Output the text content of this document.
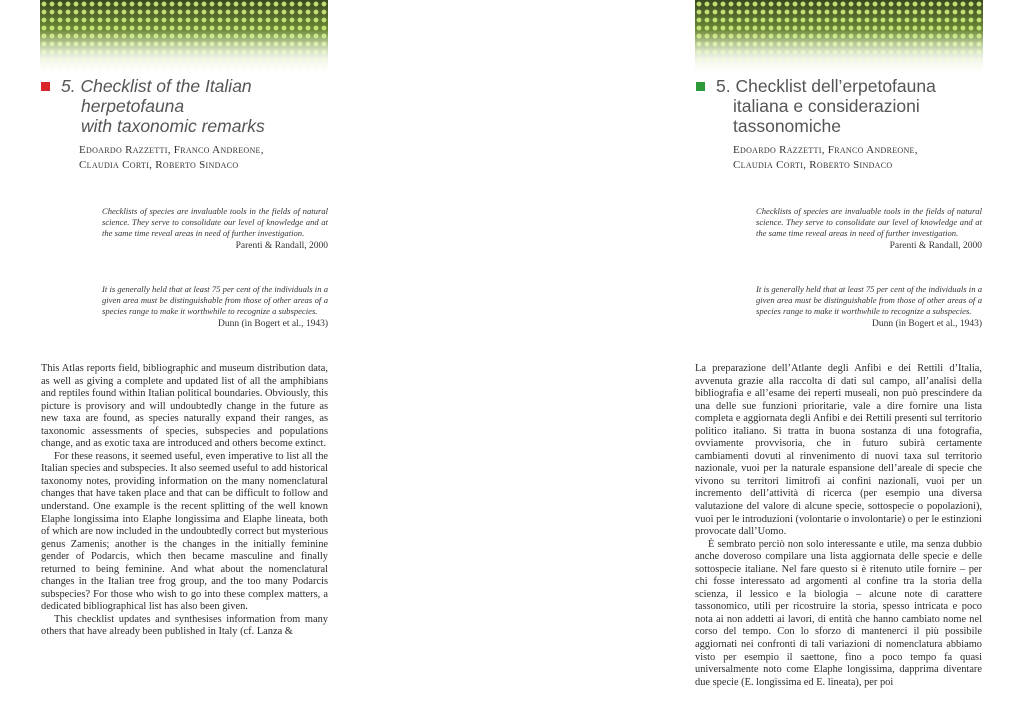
5. Checklist of the Italian
herpetofauna
with taxonomic remarks
Edoardo Razzetti, Franco Andreone,
Claudia Corti, Roberto Sindaco
Checklists of species are invaluable tools in the fields of natural science. They serve to consolidate our level of knowledge and at the same time reveal areas in need of further investigation.
Parenti & Randall, 2000
It is generally held that at least 75 per cent of the individuals in a given area must be distinguishable from those of other areas of a species range to make it worthwhile to recognize a subspecies.
Dunn (in Bogert et al., 1943)

This Atlas reports field, bibliographic and museum distribution data, as well as giving a complete and updated list of all the amphibians and reptiles found within Italian political boundaries. Obviously, this picture is provisory and will undoubtedly change in the future as new taxa are found, as species naturally expand their ranges, as taxonomic assessments of species, subspecies and populations change, and as exotic taxa are introduced and others become extinct.

For these reasons, it seemed useful, even imperative to list all the Italian species and subspecies. It also seemed useful to add historical taxonomy notes, providing information on the many nomenclatural changes that have taken place and that can be difficult to follow and understand. One example is the recent splitting of the well known Elaphe longissima into Elaphe longissima and Elaphe lineata, both of which are now included in the undoubtedly correct but mysterious genus Zamenis; another is the changes in the initially feminine gender of Podarcis, which then became masculine and finally returned to being feminine. And what about the nomenclatural changes in the Italian tree frog group, and the too many Podarcis subspecies? For those who wish to go into these complex matters, a dedicated bibliographical list has also been given.

This checklist updates and synthesises information from many others that have already been published in Italy (cf. Lanza &

5. Checklist dell’erpetofauna
italiana e considerazioni
tassonomiche
Edoardo Razzetti, Franco Andreone,
Claudia Corti, Roberto Sindaco
Checklists of species are invaluable tools in the fields of natural science. They serve to consolidate our level of knowledge and at the same time reveal areas in need of further investigation.
Parenti & Randall, 2000
It is generally held that at least 75 per cent of the individuals in a given area must be distinguishable from those of other areas of a species range to make it worthwhile to recognize a subspecies.
Dunn (in Bogert et al., 1943)

La preparazione dell’Atlante degli Anfibi e dei Rettili d’Italia, avvenuta grazie alla raccolta di dati sul campo, all’analisi della bibliografia e all’esame dei reperti museali, non può prescindere da una delle sue funzioni prioritarie, vale a dire fornire una lista completa e aggiornata degli Anfibi e dei Rettili presenti sul territorio politico italiano. Si tratta in buona sostanza di una fotografia, ovviamente provvisoria, che in futuro subirà certamente cambiamenti dovuti al rinvenimento di nuovi taxa sul territorio nazionale, vuoi per la naturale espansione dell’areale di specie che vivono su territori limitrofi ai confini nazionali, vuoi per un incremento dell’attività di ricerca (per esempio una diversa valutazione del valore di alcune specie, sottospecie o popolazioni), vuoi per le introduzioni (volontarie o involontarie) o per le estinzioni provocate dall’Uomo.

È sembrato perciò non solo interessante e utile, ma senza dubbio anche doveroso compilare una lista aggiornata delle specie e delle sottospecie italiane. Nel fare questo si è ritenuto utile fornire – per chi fosse interessato ad argomenti al confine tra la storia della scienza, il lessico e la biologia – alcune note di carattere tassonomico, utili per ricostruire la storia, spesso intricata e poco nota ai non addetti ai lavori, di entità che hanno cambiato nome nel corso del tempo. Con lo sforzo di mantenerci il più possibile aggiornati nei confronti di tali variazioni di nomenclatura abbiamo visto per esempio il saettone, fino a poco tempo fa quasi universalmente noto come Elaphe longissima, dapprima diventare due specie (E. longissima ed E. lineata), per poi
